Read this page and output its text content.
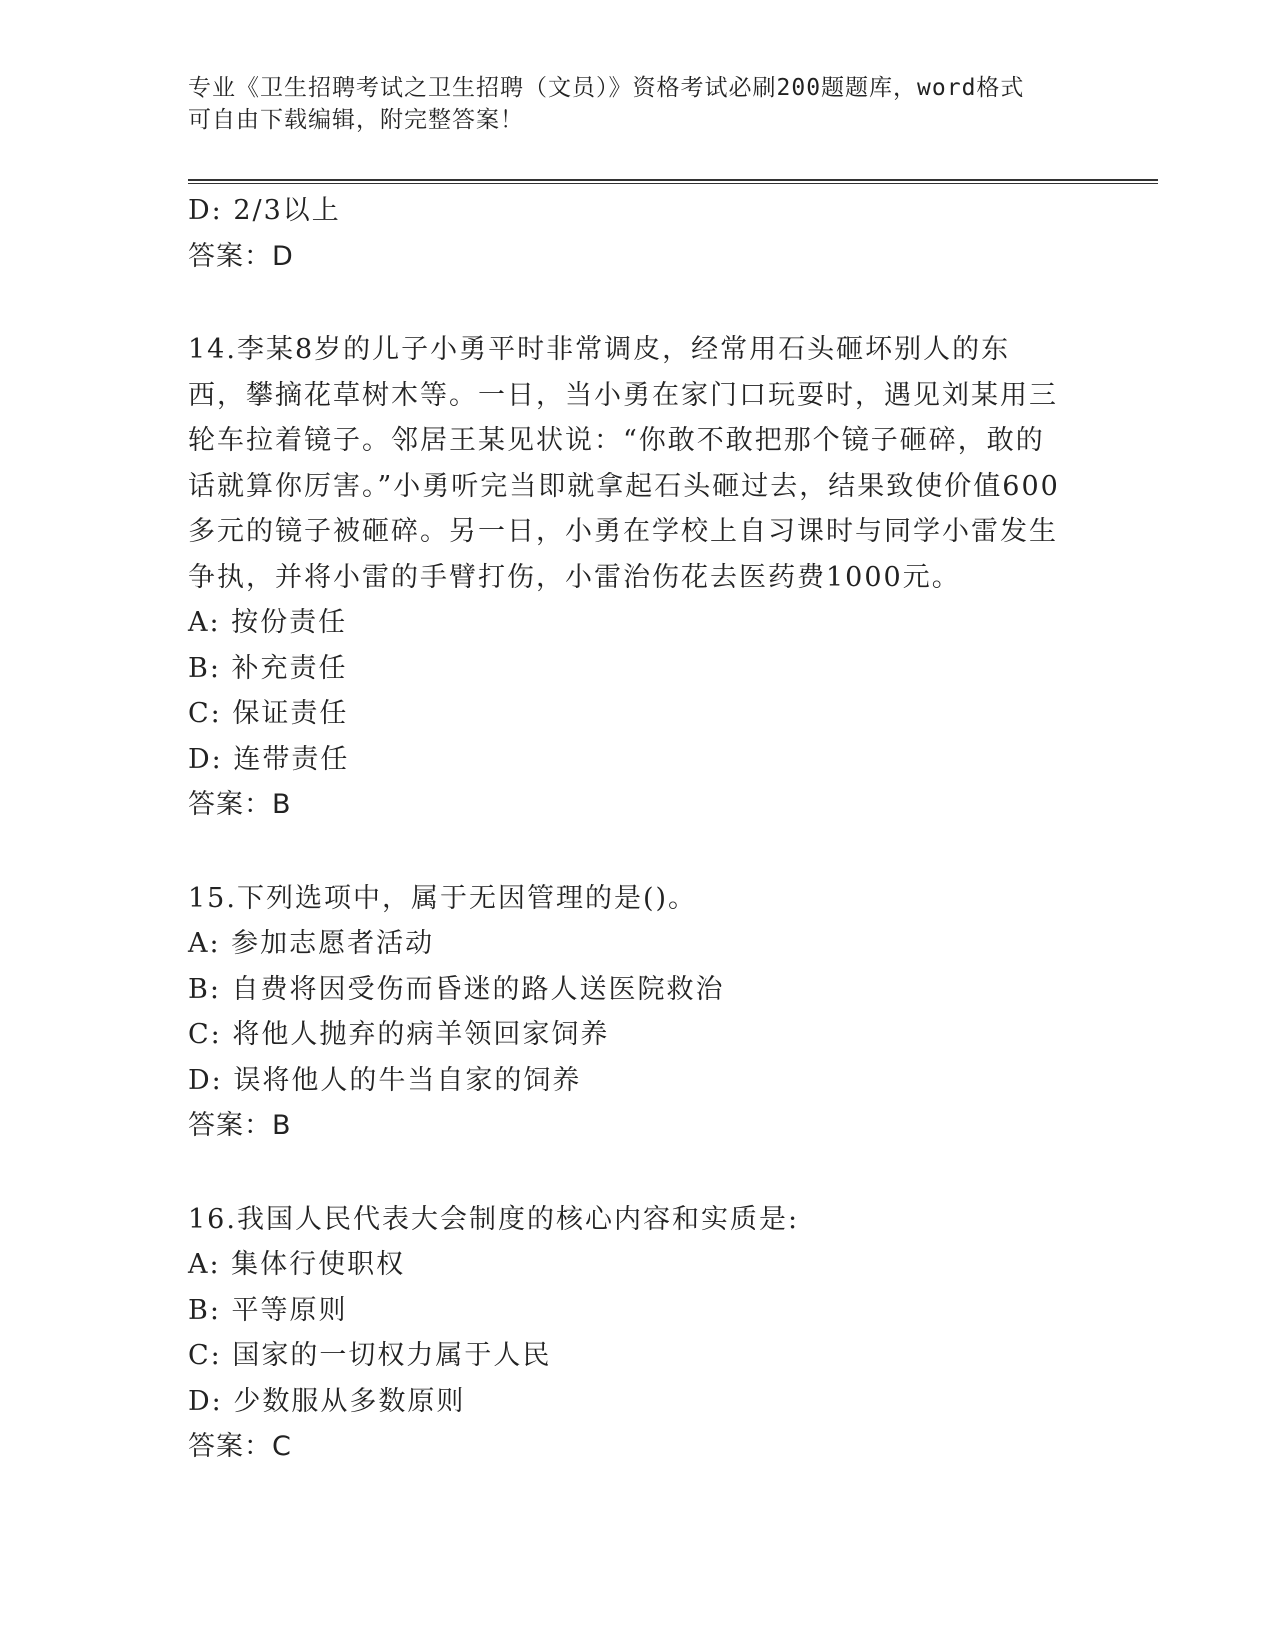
专业《卫生招聘考试之卫生招聘（文员）》资格考试必刷200题题库，word格式
可自由下载编辑，附完整答案！
D: 2/3以上
答案：D
14.李某8岁的儿子小勇平时非常调皮，经常用石头砸坏别人的东西，攀摘花草树木等。一日，当小勇在家门口玩耍时，遇见刘某用三轮车拉着镜子。邻居王某见状说：“你敢不敢把那个镜子砸碎，敢的话就算你厉害。”小勇听完当即就拿起石头砸过去，结果致使价值600多元的镜子被砸碎。另一日，小勇在学校上自习课时与同学小雷发生争执，并将小雷的手臂打伤，小雷治伤花去医药费1000元。
A: 按份责任
B: 补充责任
C: 保证责任
D: 连带责任
答案：B
15.下列选项中，属于无因管理的是()。
A: 参加志愿者活动
B: 自费将因受伤而昏迷的路人送医院救治
C: 将他人抛弃的病羊领回家饲养
D: 误将他人的牛当自家的饲养
答案：B
16.我国人民代表大会制度的核心内容和实质是:
A: 集体行使职权
B: 平等原则
C: 国家的一切权力属于人民
D: 少数服从多数原则
答案：C
